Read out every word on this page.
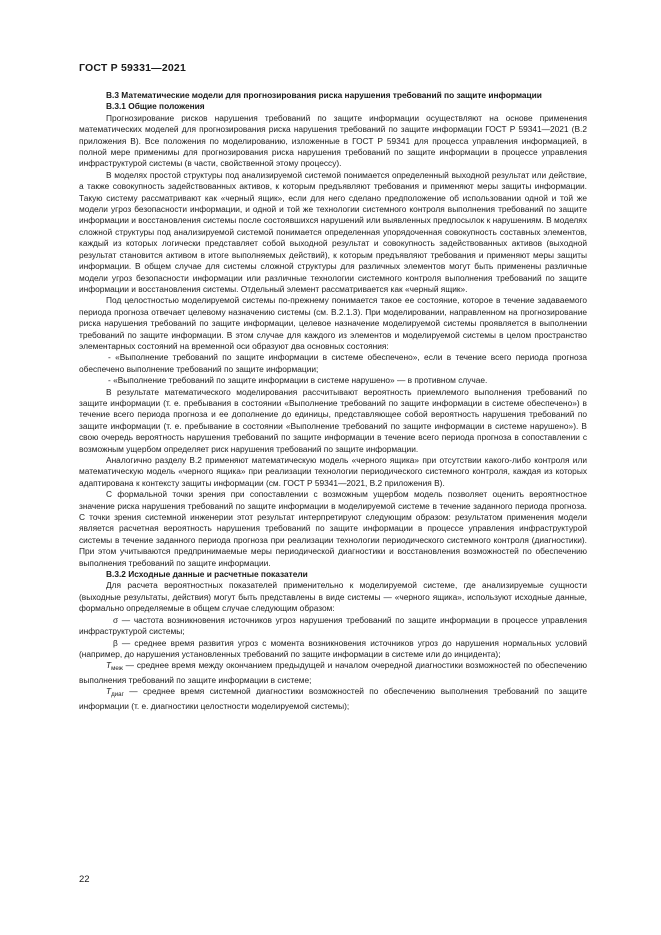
ГОСТ Р 59331—2021

В.3 Математические модели для прогнозирования риска нарушения требований по защите информации

В.3.1 Общие положения

Прогнозирование рисков нарушения требований по защите информации осуществляют на основе применения математических моделей для прогнозирования риска нарушения требований по защите информации ГОСТ Р 59341—2021 (В.2 приложения В). Все положения по моделированию, изложенные в ГОСТ Р 59341 для процесса управления информацией, в полной мере применимы для прогнозирования риска нарушения требований по защите информации в процессе управления инфраструктурой системы (в части, свойственной этому процессу).

В моделях простой структуры под анализируемой системой понимается определенный выходной результат или действие, а также совокупность задействованных активов, к которым предъявляют требования и применяют меры защиты информации. Такую систему рассматривают как «черный ящик», если для него сделано предположение об использовании одной и той же модели угроз безопасности информации, и одной и той же технологии системного контроля выполнения требований по защите информации и восстановления системы после состоявшихся нарушений или выявленных предпосылок к нарушениям. В моделях сложной структуры под анализируемой системой понимается определенная упорядоченная совокупность составных элементов, каждый из которых логически представляет собой выходной результат и совокупность задействованных активов (выходной результат становится активом в итоге выполняемых действий), к которым предъявляют требования и применяют меры защиты информации. В общем случае для системы сложной структуры для различных элементов могут быть применены различные модели угроз безопасности информации или различные технологии системного контроля выполнения требований по защите информации и восстановления системы. Отдельный элемент рассматривается как «черный ящик».

Под целостностью моделируемой системы по-прежнему понимается такое ее состояние, которое в течение задаваемого периода прогноза отвечает целевому назначению системы (см. В.2.1.3). При моделировании, направленном на прогнозирование риска нарушения требований по защите информации, целевое назначение моделируемой системы проявляется в выполнении требований по защите информации. В этом случае для каждого из элементов и моделируемой системы в целом пространство элементарных состояний на временной оси образуют два основных состояния:

- «Выполнение требований по защите информации в системе обеспечено», если в течение всего периода прогноза обеспечено выполнение требований по защите информации;

- «Выполнение требований по защите информации в системе нарушено» — в противном случае.

В результате математического моделирования рассчитывают вероятность приемлемого выполнения требований по защите информации (т. е. пребывания в состоянии «Выполнение требований по защите информации в системе обеспечено») в течение всего периода прогноза и ее дополнение до единицы, представляющее собой вероятность нарушения требований по защите информации (т. е. пребывание в состоянии «Выполнение требований по защите информации в системе нарушено»). В свою очередь вероятность нарушения требований по защите информации в течение всего периода прогноза в сопоставлении с возможным ущербом определяет риск нарушения требований по защите информации.

Аналогично разделу В.2 применяют математическую модель «черного ящика» при отсутствии какого-либо контроля или математическую модель «черного ящика» при реализации технологии периодического системного контроля, каждая из которых адаптирована к контексту защиты информации (см. ГОСТ Р 59341—2021, В.2 приложения В).

С формальной точки зрения при сопоставлении с возможным ущербом модель позволяет оценить вероятностное значение риска нарушения требований по защите информации в моделируемой системе в течение заданного периода прогноза. С точки зрения системной инженерии этот результат интерпретируют следующим образом: результатом применения модели является расчетная вероятность нарушения требований по защите информации в процессе управления инфраструктурой системы в течение заданного периода прогноза при реализации технологии периодического системного контроля (диагностики). При этом учитываются предпринимаемые меры периодической диагностики и восстановления возможностей по обеспечению выполнения требований по защите информации.

В.3.2 Исходные данные и расчетные показатели

Для расчета вероятностных показателей применительно к моделируемой системе, где анализируемые сущности (выходные результаты, действия) могут быть представлены в виде системы — «черного ящика», используют исходные данные, формально определяемые в общем случае следующим образом:

σ — частота возникновения источников угроз нарушения требований по защите информации в процессе управления инфраструктурой системы;

β — среднее время развития угроз с момента возникновения источников угроз до нарушения нормальных условий (например, до нарушения установленных требований по защите информации в системе или до инцидента);

$T_{меж}$ — среднее время между окончанием предыдущей и началом очередной диагностики возможностей по обеспечению выполнения требований по защите информации в системе;

$T_{диаг}$ — среднее время системной диагностики возможностей по обеспечению выполнения требований по защите информации (т. е. диагностики целостности моделируемой системы);

22
